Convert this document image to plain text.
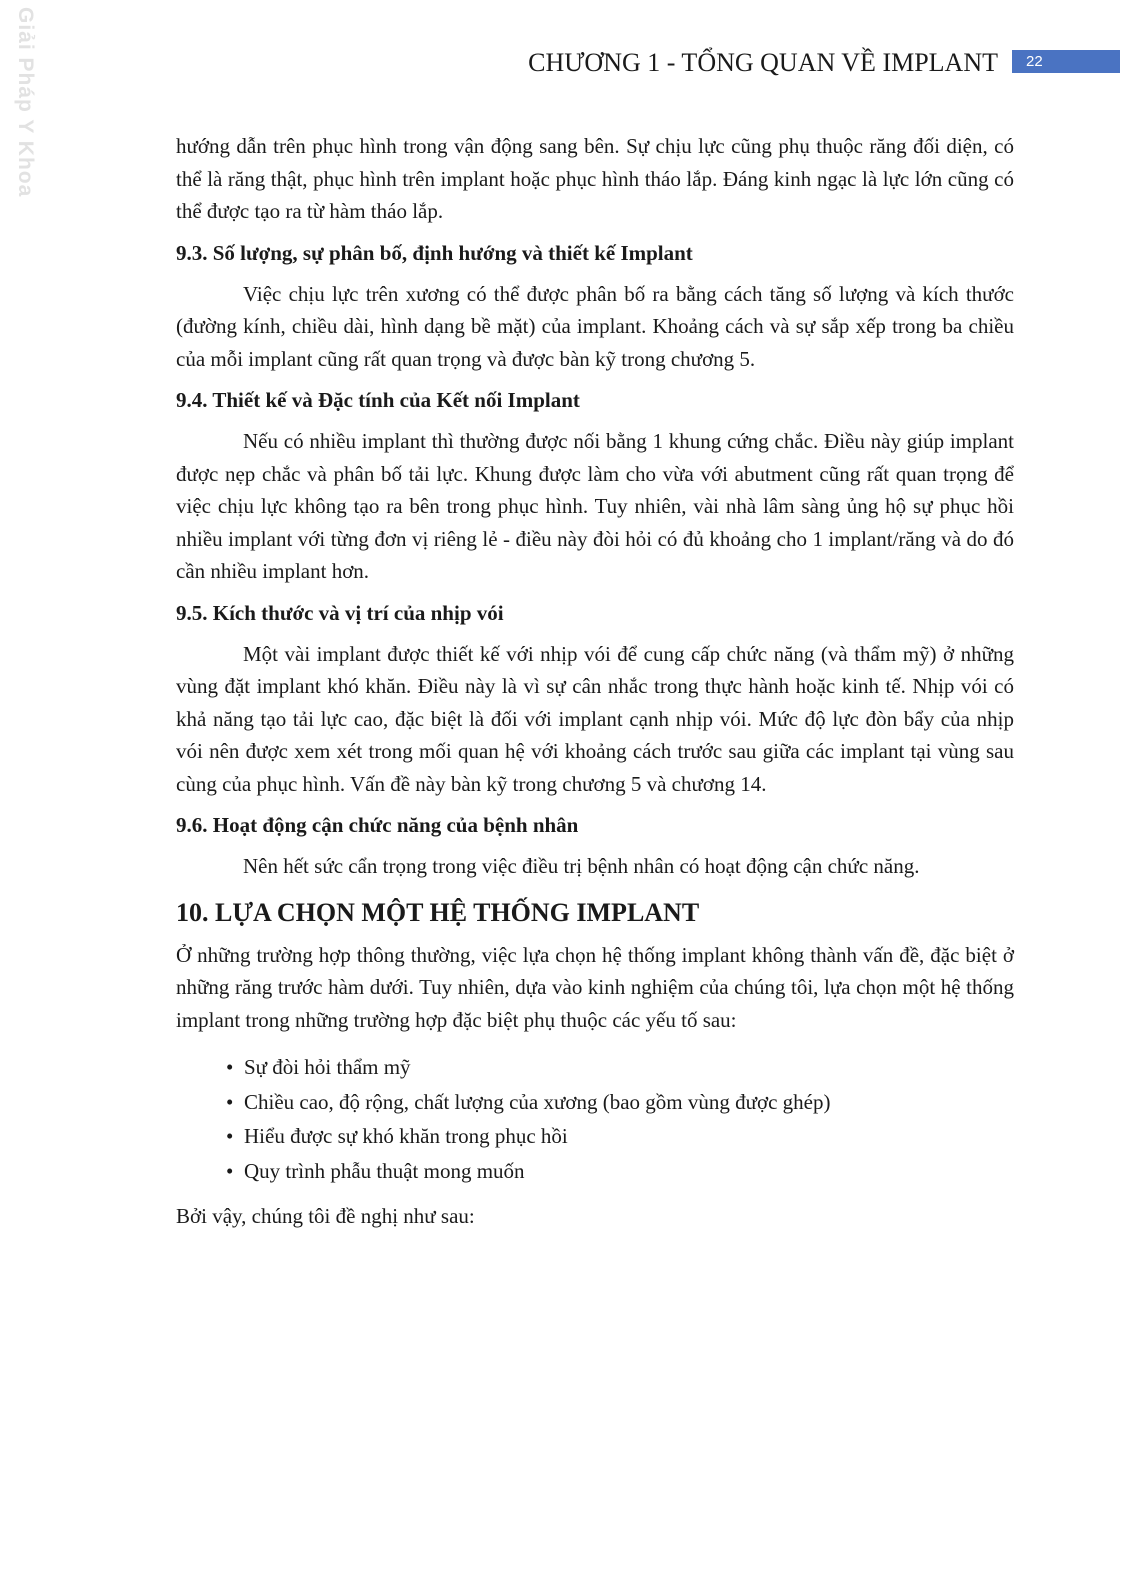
Giải Pháp Y Khoa	CHƯƠNG 1 - TỔNG QUAN VỀ IMPLANT	22

hướng dẫn trên phục hình trong vận động sang bên. Sự chịu lực cũng phụ thuộc răng đối diện, có thể là răng thật, phục hình trên implant hoặc phục hình tháo lắp. Đáng kinh ngạc là lực lớn cũng có thể được tạo ra từ hàm tháo lắp.

9.3. Số lượng, sự phân bố, định hướng và thiết kế Implant

Việc chịu lực trên xương có thể được phân bố ra bằng cách tăng số lượng và kích thước (đường kính, chiều dài, hình dạng bề mặt) của implant. Khoảng cách và sự sắp xếp trong ba chiều của mỗi implant cũng rất quan trọng và được bàn kỹ trong chương 5.

9.4. Thiết kế và Đặc tính của Kết nối Implant

Nếu có nhiều implant thì thường được nối bằng 1 khung cứng chắc. Điều này giúp implant được nẹp chắc và phân bố tải lực. Khung được làm cho vừa với abutment cũng rất quan trọng để việc chịu lực không tạo ra bên trong phục hình. Tuy nhiên, vài nhà lâm sàng ủng hộ sự phục hồi nhiều implant với từng đơn vị riêng lẻ - điều này đòi hỏi có đủ khoảng cho 1 implant/răng và do đó cần nhiều implant hơn.

9.5. Kích thước và vị trí của nhịp vói

Một vài implant được thiết kế với nhịp vói để cung cấp chức năng (và thẩm mỹ) ở những vùng đặt implant khó khăn. Điều này là vì sự cân nhắc trong thực hành hoặc kinh tế. Nhịp vói có khả năng tạo tải lực cao, đặc biệt là đối với implant cạnh nhịp vói. Mức độ lực đòn bẩy của nhịp vói nên được xem xét trong mối quan hệ với khoảng cách trước sau giữa các implant tại vùng sau cùng của phục hình. Vấn đề này bàn kỹ trong chương 5 và chương 14.

9.6. Hoạt động cận chức năng của bệnh nhân

Nên hết sức cẩn trọng trong việc điều trị bệnh nhân có hoạt động cận chức năng.

10. LỰA CHỌN MỘT HỆ THỐNG IMPLANT

Ở những trường hợp thông thường, việc lựa chọn hệ thống implant không thành vấn đề, đặc biệt ở những răng trước hàm dưới. Tuy nhiên, dựa vào kinh nghiệm của chúng tôi, lựa chọn một hệ thống implant trong những trường hợp đặc biệt phụ thuộc các yếu tố sau:

• Sự đòi hỏi thẩm mỹ
• Chiều cao, độ rộng, chất lượng của xương (bao gồm vùng được ghép)
• Hiểu được sự khó khăn trong phục hồi
• Quy trình phẫu thuật mong muốn

Bởi vậy, chúng tôi đề nghị như sau:
